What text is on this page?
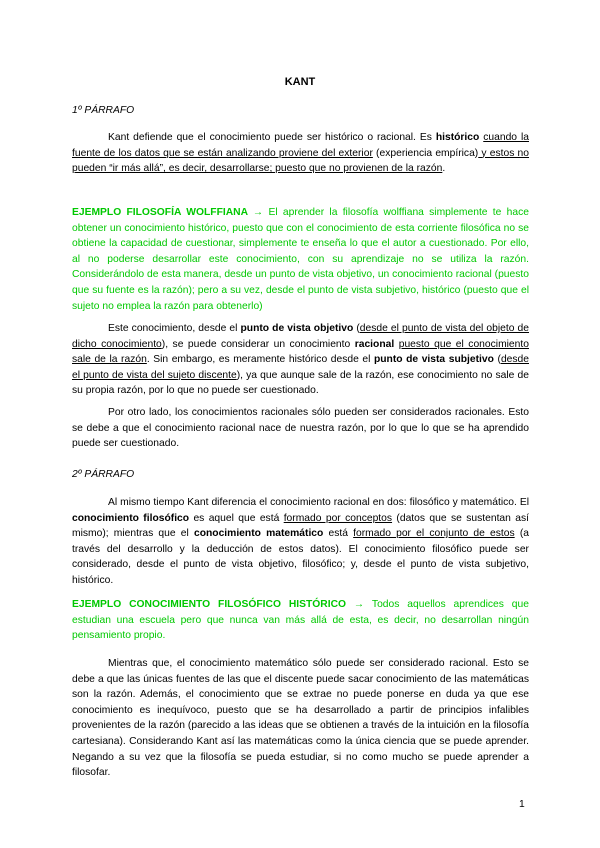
KANT
1º PÁRRAFO

Kant defiende que el conocimiento puede ser histórico o racional. Es histórico cuando la fuente de los datos que se están analizando proviene del exterior (experiencia empírica) y estos no pueden “ir más allá”, es decir, desarrollarse; puesto que no provienen de la razón.

EJEMPLO FILOSOFÍA WOLFFIANA → El aprender la filosofía wolffiana simplemente te hace obtener un conocimiento histórico, puesto que con el conocimiento de esta corriente filosófica no se obtiene la capacidad de cuestionar, simplemente te enseña lo que el autor a cuestionado. Por ello, al no poderse desarrollar este conocimiento, con su aprendizaje no se utiliza la razón. Considerándolo de esta manera, desde un punto de vista objetivo, un conocimiento racional (puesto que su fuente es la razón); pero a su vez, desde el punto de vista subjetivo, histórico (puesto que el sujeto no emplea la razón para obtenerlo)

Este conocimiento, desde el punto de vista objetivo (desde el punto de vista del objeto de dicho conocimiento), se puede considerar un conocimiento racional puesto que el conocimiento sale de la razón. Sin embargo, es meramente histórico desde el punto de vista subjetivo (desde el punto de vista del sujeto discente), ya que aunque sale de la razón, ese conocimiento no sale de su propia razón, por lo que no puede ser cuestionado.

Por otro lado, los conocimientos racionales sólo pueden ser considerados racionales. Esto se debe a que el conocimiento racional nace de nuestra razón, por lo que lo que se ha aprendido puede ser cuestionado.

2º PÁRRAFO

Al mismo tiempo Kant diferencia el conocimiento racional en dos: filosófico y matemático. El conocimiento filosófico es aquel que está formado por conceptos (datos que se sustentan así mismo); mientras que el conocimiento matemático está formado por el conjunto de estos (a través del desarrollo y la deducción de estos datos). El conocimiento filosófico puede ser considerado, desde el punto de vista objetivo, filosófico; y, desde el punto de vista subjetivo, histórico.

EJEMPLO CONOCIMIENTO FILOSÓFICO HISTÓRICO → Todos aquellos aprendices que estudian una escuela pero que nunca van más allá de esta, es decir, no desarrollan ningún pensamiento propio.

Mientras que, el conocimiento matemático sólo puede ser considerado racional. Esto se debe a que las únicas fuentes de las que el discente puede sacar conocimiento de las matemáticas son la razón. Además, el conocimiento que se extrae no puede ponerse en duda ya que ese conocimiento es inequívoco, puesto que se ha desarrollado a partir de principios infalibles provenientes de la razón (parecido a las ideas que se obtienen a través de la intuición en la filosofía cartesiana). Considerando Kant así las matemáticas como la única ciencia que se puede aprender. Negando a su vez que la filosofía se pueda estudiar, si no como mucho se puede aprender a filosofar.

1
